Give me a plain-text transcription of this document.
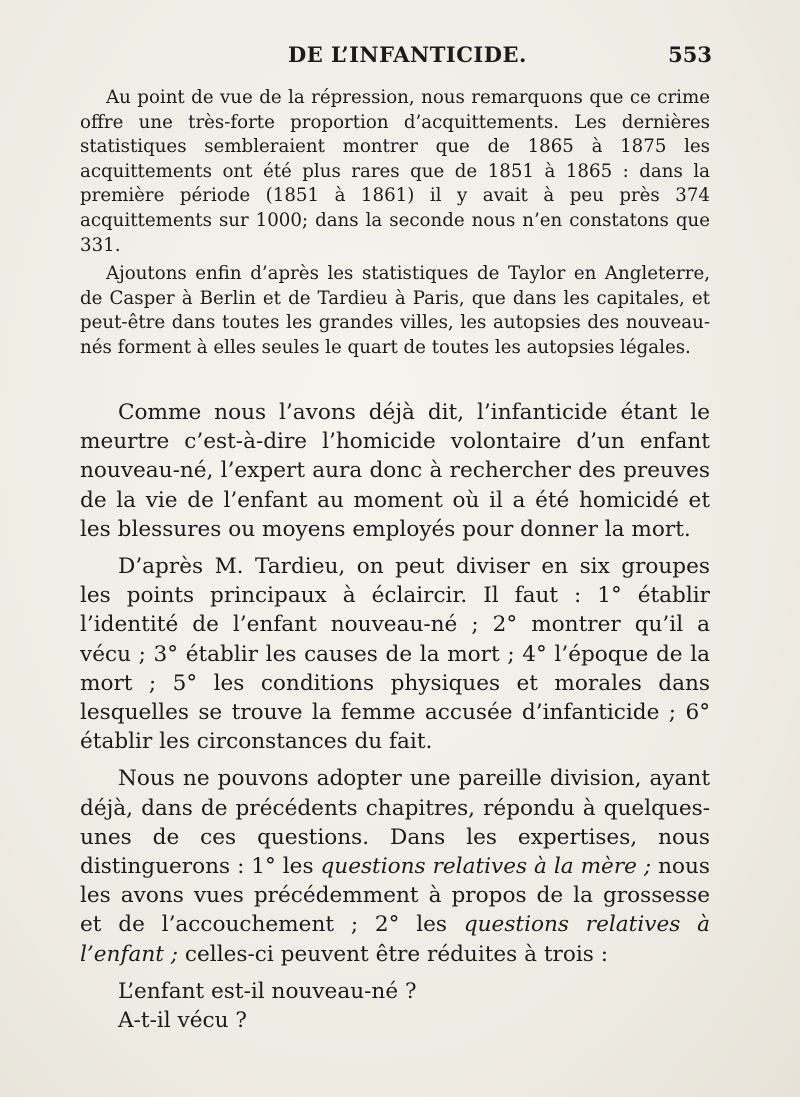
DE L’INFANTICIDE.	553

Au point de vue de la répression, nous remarquons que ce crime offre une très-forte proportion d’acquittements. Les dernières statistiques sembleraient montrer que de 1865 à 1875 les acquittements ont été plus rares que de 1851 à 1865 : dans la première période (1851 à 1861) il y avait à peu près 374 acquittements sur 1000; dans la seconde nous n’en constatons que 331.

Ajoutons enfin d’après les statistiques de Taylor en Angleterre, de Casper à Berlin et de Tardieu à Paris, que dans les capitales, et peut-être dans toutes les grandes villes, les autopsies des nouveau-nés forment à elles seules le quart de toutes les autopsies légales.

Comme nous l’avons déjà dit, l’infanticide étant le meurtre c’est-à-dire l’homicide volontaire d’un enfant nouveau-né, l’expert aura donc à rechercher des preuves de la vie de l’enfant au moment où il a été homicidé et les blessures ou moyens employés pour donner la mort.

D’après M. Tardieu, on peut diviser en six groupes les points principaux à éclaircir. Il faut : 1° établir l’identité de l’enfant nouveau-né ; 2° montrer qu’il a vécu ; 3° établir les causes de la mort ; 4° l’époque de la mort ; 5° les conditions physiques et morales dans lesquelles se trouve la femme accusée d’infanticide ; 6° établir les circonstances du fait.

Nous ne pouvons adopter une pareille division, ayant déjà, dans de précédents chapitres, répondu à quelques-unes de ces questions. Dans les expertises, nous distinguerons : 1° les questions relatives à la mère ; nous les avons vues précédemment à propos de la grossesse et de l’accouchement ; 2° les questions relatives à l’enfant ; celles-ci peuvent être réduites à trois :

L’enfant est-il nouveau-né ?

A-t-il vécu ?
